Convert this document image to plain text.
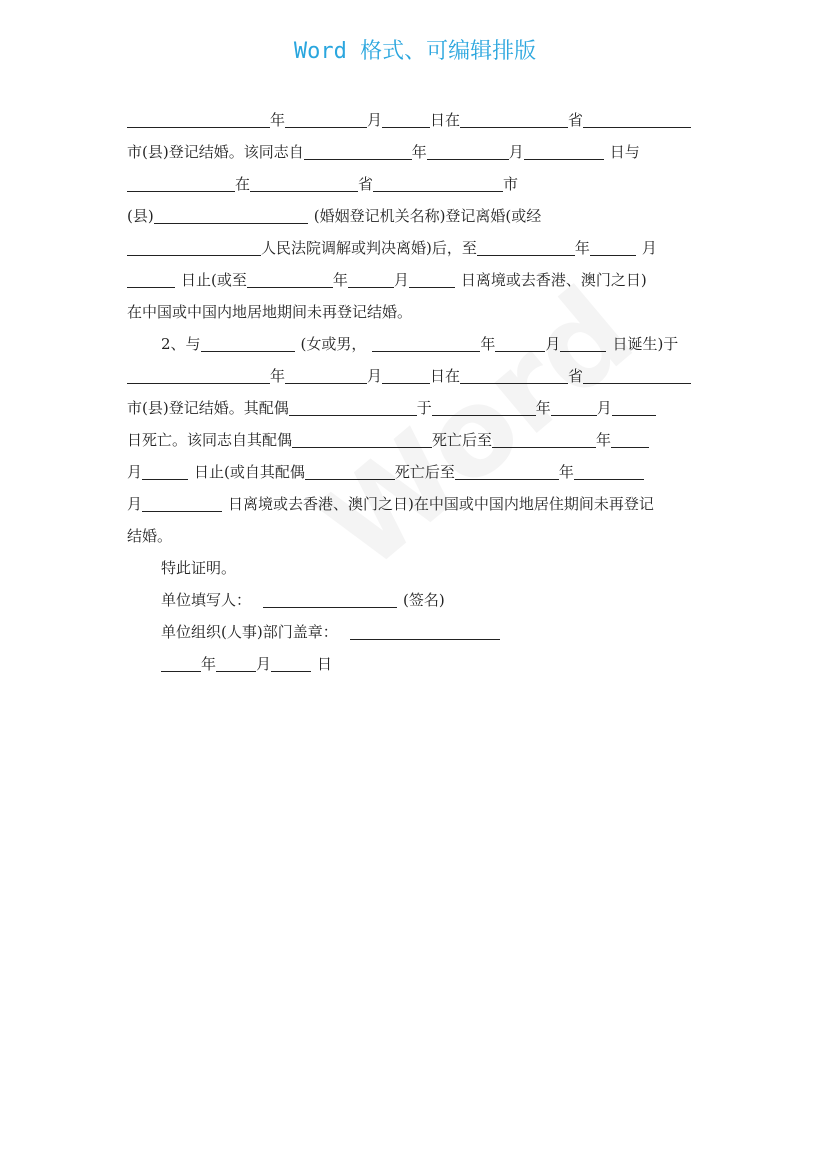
Word 格式、可编辑排版
年	月	日在	省
市(县)登记结婚。该同志自	年	月	日与
在	省	市
(县)	(婚姻登记机关名称)登记离婚(或经
人民法院调解或判决离婚)后，至	年	月
日止(或至	年	月	日离境或去香港、澳门之日)
在中国或中国内地居地期间未再登记结婚。
2、与	(女或男，	年	月	日诞生)于
年	月	日在	省
市(县)登记结婚。其配偶	于	年	月
日死亡。该同志自其配偶	死亡后至	年
月	日止(或自其配偶	死亡后至	年
月	日离境或去香港、澳门之日)在中国或中国内地居住期间未再登记
结婚。
特此证明。
单位填写人：	(签名)
单位组织(人事)部门盖章：
年	月	日
